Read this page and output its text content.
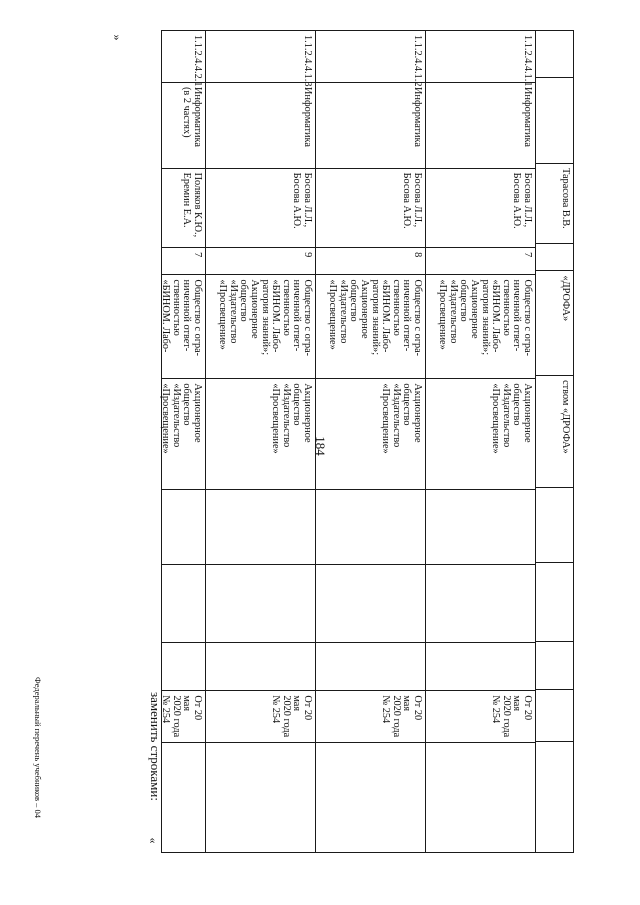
184
Федеральный перечень учебников – 04	заменить строками:
«
»
Тарасова В.В.
«ДРОФА»
ством «ДРОФА»
1.1.2.4.4.1.1
Информатика
Босова Л.Л.,
Босова А.Ю.
7
Общество с огра-
ниченной ответ-
ственностью
«БИНОМ. Лабо-
ратория знаний»;
Акционерное
общество
«Издательство
«Просвещение»
Акционерное
общество
«Издательство
«Просвещение»
От 20 мая
2020 года
№ 254
1.1.2.4.4.1.2
Информатика
Босова Л.Л.,
Босова А.Ю.
8
Общество с огра-
ниченной ответ-
ственностью
«БИНОМ. Лабо-
ратория знаний»;
Акционерное
общество
«Издательство
«Просвещение»
Акционерное
общество
«Издательство
«Просвещение»
От 20 мая
2020 года
№ 254
1.1.2.4.4.1.3
Информатика
Босова Л.Л.,
Босова А.Ю.
9
Общество с огра-
ниченной ответ-
ственностью
«БИНОМ. Лабо-
ратория знаний»;
Акционерное
общество
«Издательство
«Просвещение»
Акционерное
общество
«Издательство
«Просвещение»
От 20 мая
2020 года
№ 254
1.1.2.4.4.2.1
Информатика
(в 2 частях)
Поляков К.Ю.,
Еремин Е.А.
7
Общество с огра-
ниченной ответ-
ственностью
«БИНОМ. Лабо-
Акционерное
общество
«Издательство
«Просвещение»
От 20 мая
2020 года
№ 254
